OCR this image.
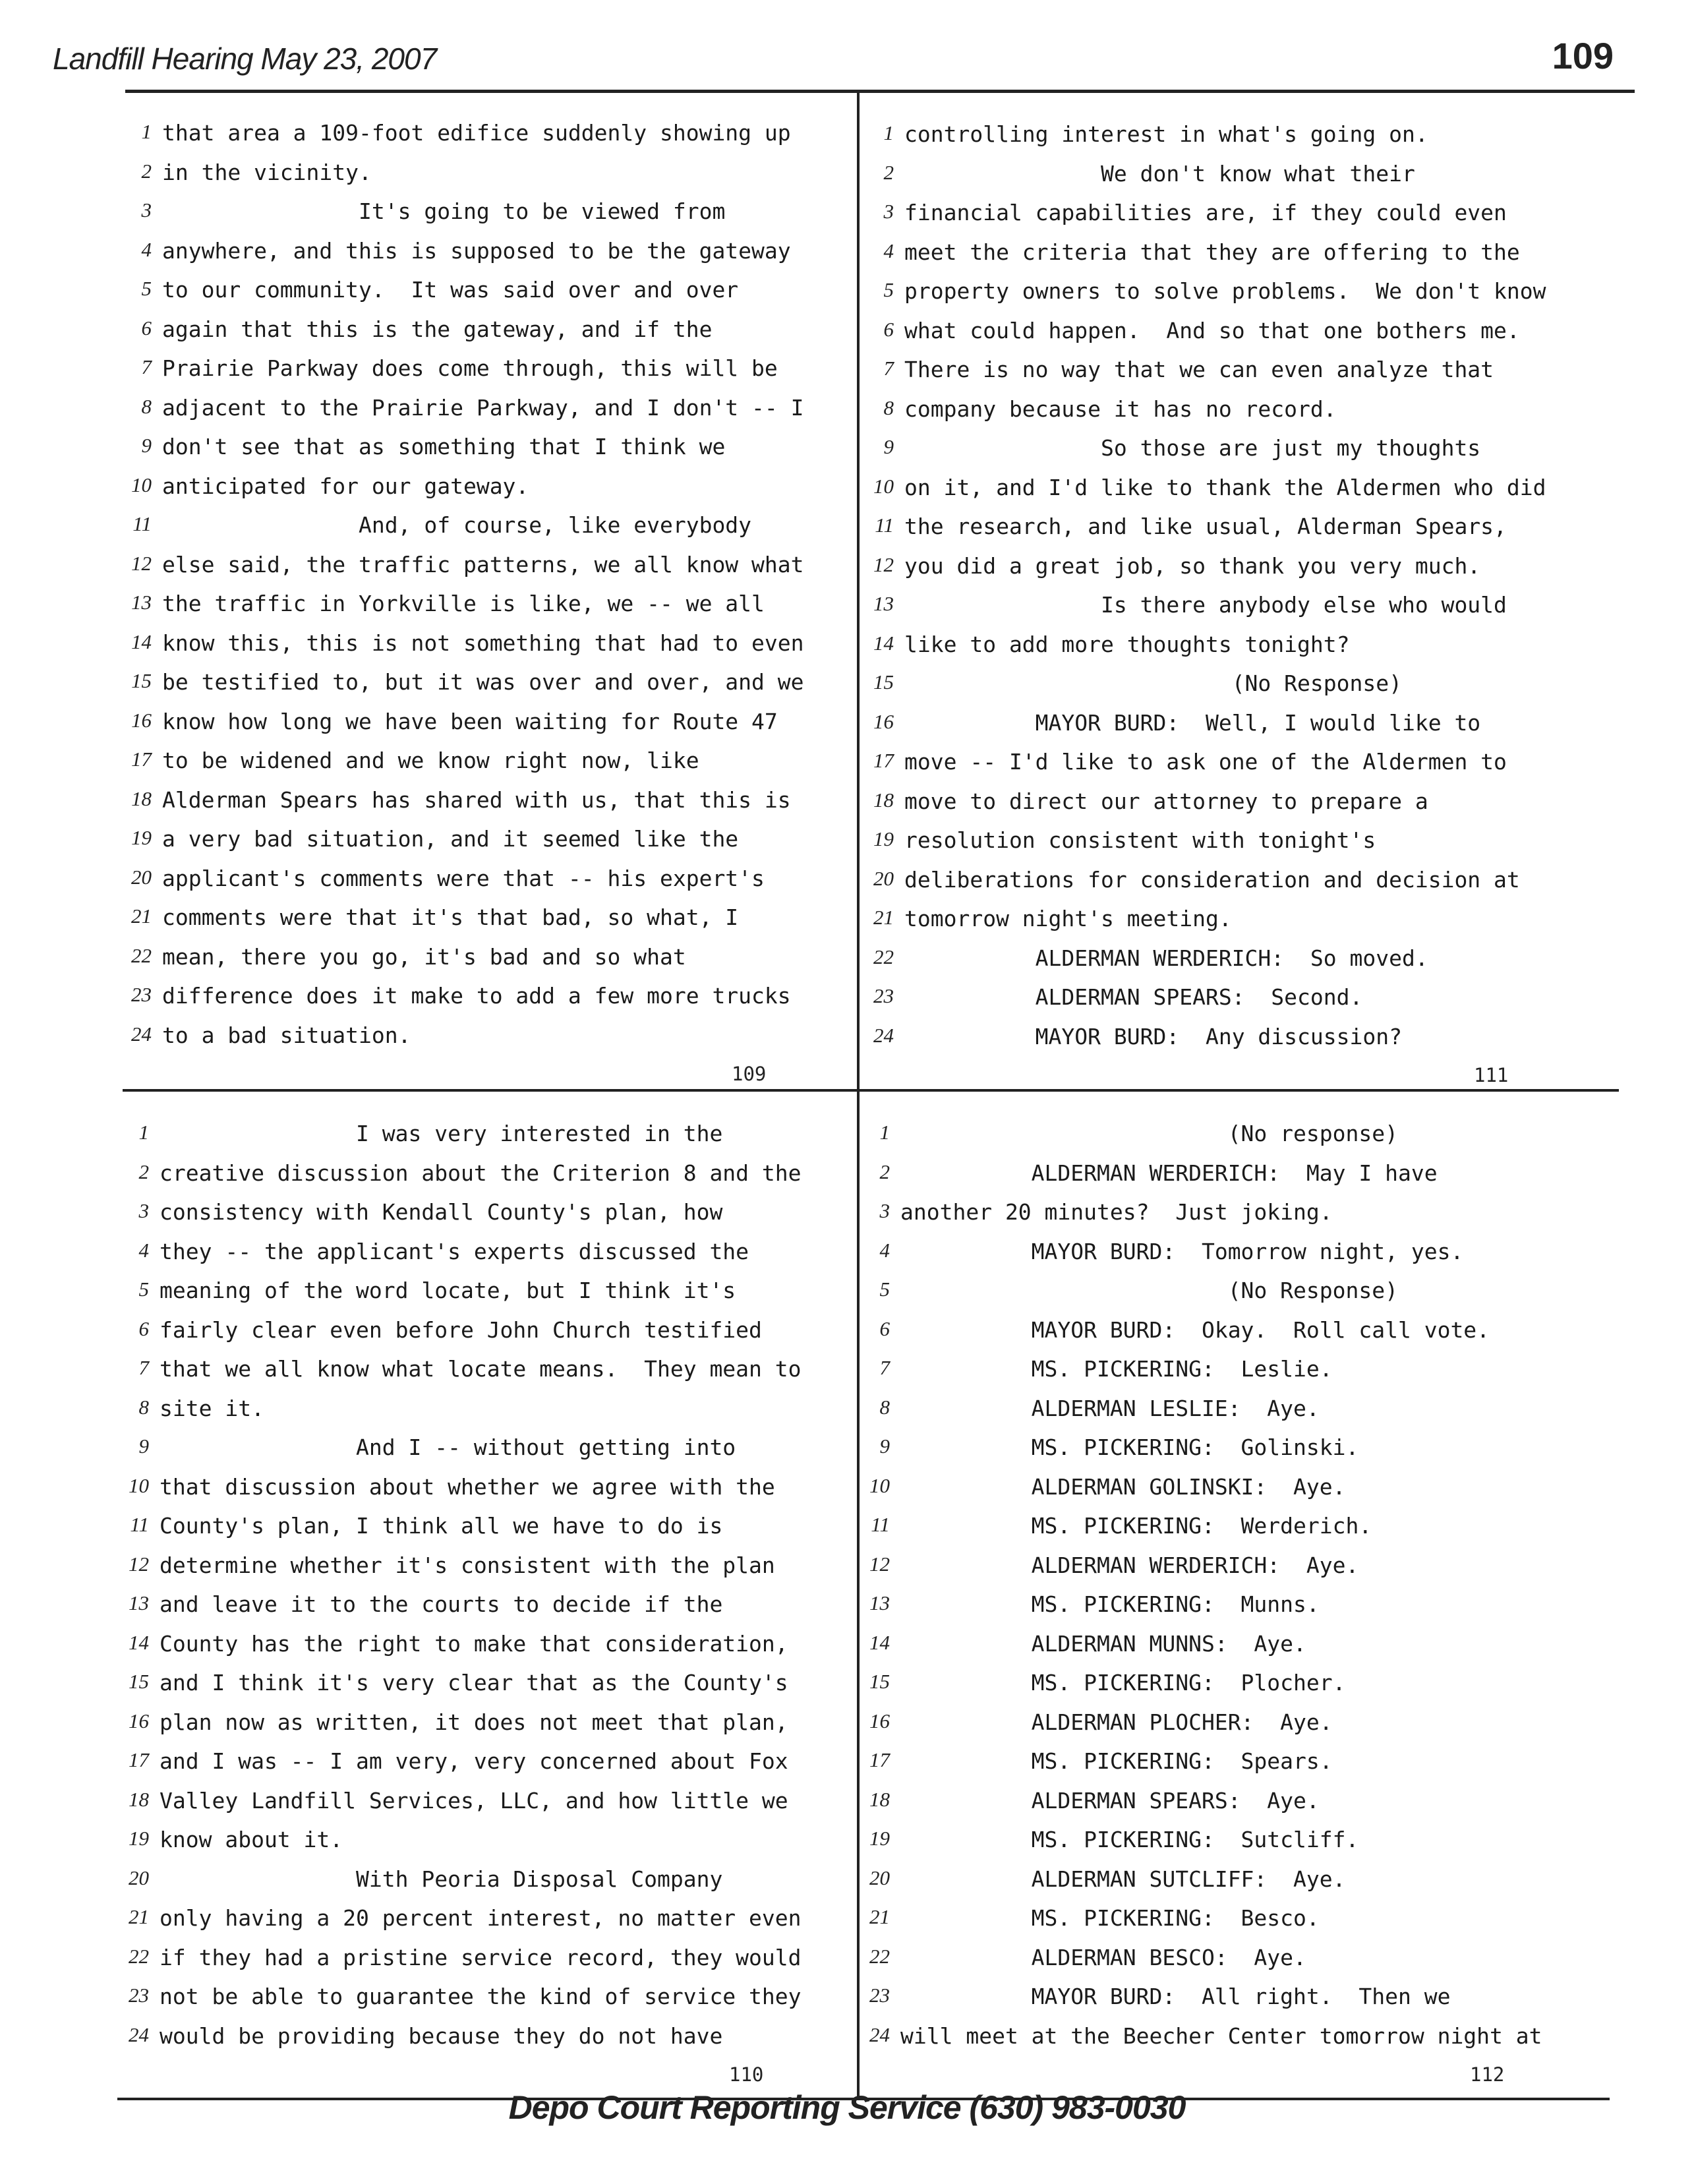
Landfill Hearing May 23, 2007	109
1 that area a 109-foot edifice suddenly showing up
2 in the vicinity.
3 It's going to be viewed from
4 anywhere, and this is supposed to be the gateway
5 to our community.  It was said over and over
6 again that this is the gateway, and if the
7 Prairie Parkway does come through, this will be
8 adjacent to the Prairie Parkway, and I don't -- I
9 don't see that as something that I think we
10 anticipated for our gateway.
11 And, of course, like everybody
12 else said, the traffic patterns, we all know what
13 the traffic in Yorkville is like, we -- we all
14 know this, this is not something that had to even
15 be testified to, but it was over and over, and we
16 know how long we have been waiting for Route 47
17 to be widened and we know right now, like
18 Alderman Spears has shared with us, that this is
19 a very bad situation, and it seemed like the
20 applicant's comments were that -- his expert's
21 comments were that it's that bad, so what, I
22 mean, there you go, it's bad and so what
23 difference does it make to add a few more trucks
24 to a bad situation.
109
1 I was very interested in the
2 creative discussion about the Criterion 8 and the
3 consistency with Kendall County's plan, how
4 they -- the applicant's experts discussed the
5 meaning of the word locate, but I think it's
6 fairly clear even before John Church testified
7 that we all know what locate means.  They mean to
8 site it.
9 And I -- without getting into
10 that discussion about whether we agree with the
11 County's plan, I think all we have to do is
12 determine whether it's consistent with the plan
13 and leave it to the courts to decide if the
14 County has the right to make that consideration,
15 and I think it's very clear that as the County's
16 plan now as written, it does not meet that plan,
17 and I was -- I am very, very concerned about Fox
18 Valley Landfill Services, LLC, and how little we
19 know about it.
20 With Peoria Disposal Company
21 only having a 20 percent interest, no matter even
22 if they had a pristine service record, they would
23 not be able to guarantee the kind of service they
24 would be providing because they do not have
110
1 controlling interest in what's going on.
2 We don't know what their
3 financial capabilities are, if they could even
4 meet the criteria that they are offering to the
5 property owners to solve problems.  We don't know
6 what could happen.  And so that one bothers me.
7 There is no way that we can even analyze that
8 company because it has no record.
9 So those are just my thoughts
10 on it, and I'd like to thank the Aldermen who did
11 the research, and like usual, Alderman Spears,
12 you did a great job, so thank you very much.
13 Is there anybody else who would
14 like to add more thoughts tonight?
15 (No Response)
16 MAYOR BURD:  Well, I would like to
17 move -- I'd like to ask one of the Aldermen to
18 move to direct our attorney to prepare a
19 resolution consistent with tonight's
20 deliberations for consideration and decision at
21 tomorrow night's meeting.
22 ALDERMAN WERDERICH:  So moved.
23 ALDERMAN SPEARS:  Second.
24 MAYOR BURD:  Any discussion?
111
1 (No response)
2 ALDERMAN WERDERICH:  May I have
3 another 20 minutes?  Just joking.
4 MAYOR BURD:  Tomorrow night, yes.
5 (No Response)
6 MAYOR BURD:  Okay.  Roll call vote.
7 MS. PICKERING:  Leslie.
8 ALDERMAN LESLIE:  Aye.
9 MS. PICKERING:  Golinski.
10 ALDERMAN GOLINSKI:  Aye.
11 MS. PICKERING:  Werderich.
12 ALDERMAN WERDERICH:  Aye.
13 MS. PICKERING:  Munns.
14 ALDERMAN MUNNS:  Aye.
15 MS. PICKERING:  Plocher.
16 ALDERMAN PLOCHER:  Aye.
17 MS. PICKERING:  Spears.
18 ALDERMAN SPEARS:  Aye.
19 MS. PICKERING:  Sutcliff.
20 ALDERMAN SUTCLIFF:  Aye.
21 MS. PICKERING:  Besco.
22 ALDERMAN BESCO:  Aye.
23 MAYOR BURD:  All right.  Then we
24 will meet at the Beecher Center tomorrow night at
112
Depo Court Reporting Service (630) 983-0030
